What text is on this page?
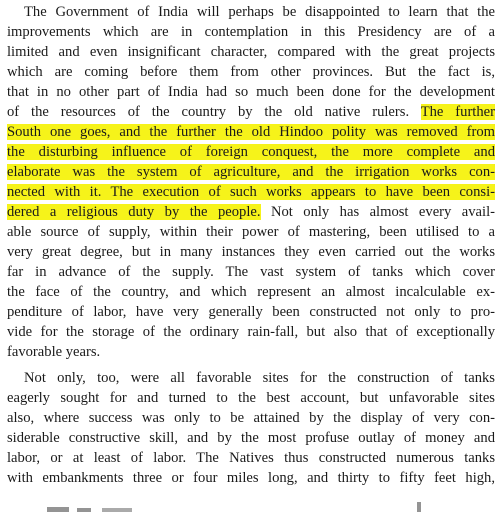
The Government of India will perhaps be disappointed to learn that the
improvements which are in contemplation in this Presidency are of a
limited and even insignificant character, compared with the great projects
which are coming before them from other provinces. But the fact is,
that in no other part of India had so much been done for the development
of the resources of the country by the old native rulers. The further
South one goes, and the further the old Hindoo polity was removed from
the disturbing influence of foreign conquest, the more complete and
elaborate was the system of agriculture, and the irrigation works con-
nected with it. The execution of such works appears to have been consi-
dered a religious duty by the people. Not only has almost every avail-
able source of supply, within their power of mastering, been utilised to a
very great degree, but in many instances they even carried out the works
far in advance of the supply. The vast system of tanks which cover
the face of the country, and which represent an almost incalculable ex-
penditure of labor, have very generally been constructed not only to pro-
vide for the storage of the ordinary rain-fall, but also that of exceptionally
favorable years.
Not only, too, were all favorable sites for the construction of tanks
eagerly sought for and turned to the best account, but unfavorable sites
also, where success was only to be attained by the display of very con-
siderable constructive skill, and by the most profuse outlay of money and
labor, or at least of labor. The Natives thus constructed numerous tanks
with embankments three or four miles long, and thirty to fifty feet high,
